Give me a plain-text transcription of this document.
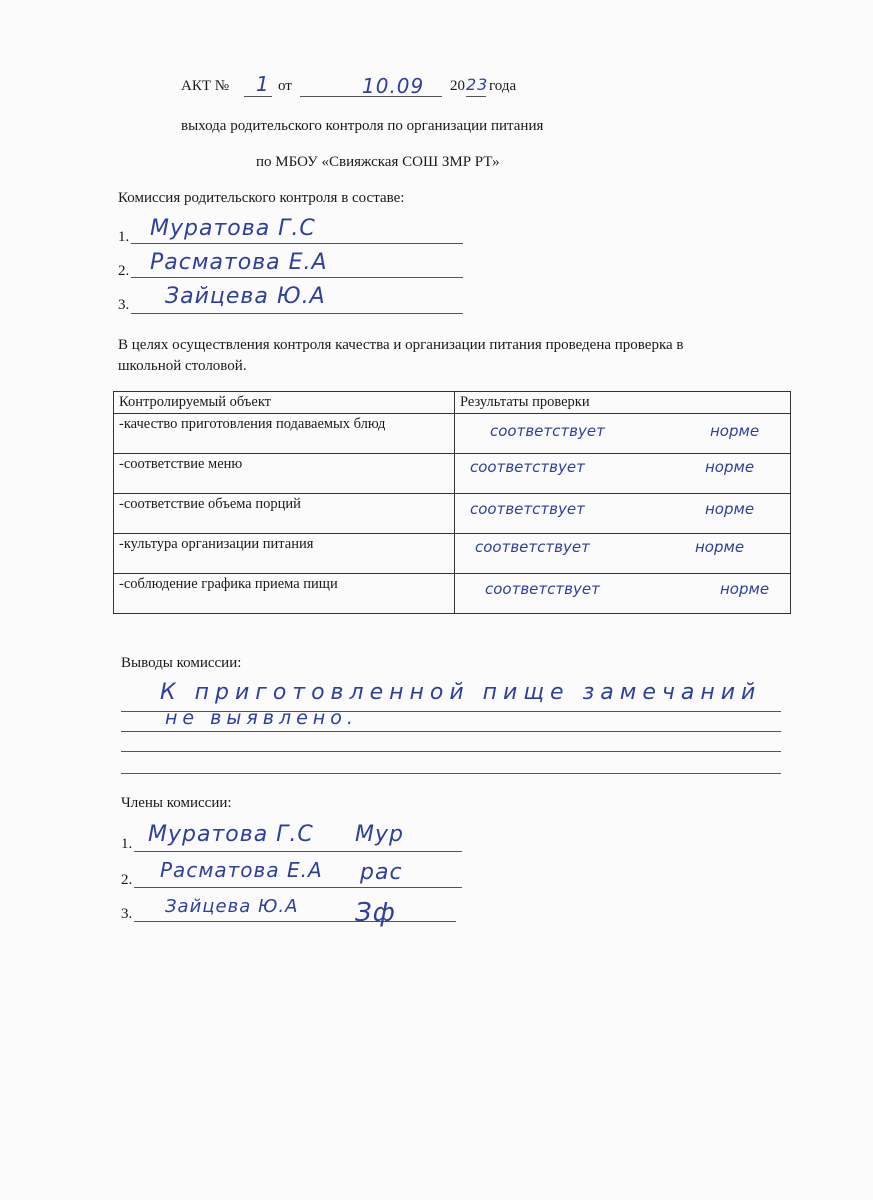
АКТ № 1 от	10.09 20 23 года
выхода родительского контроля по организации питания
по МБОУ «Свияжская СОШ ЗМР РТ»
Комиссия родительского контроля в составе:
1. Муратова Г.С
2. Расматова Е.А
3. Зайцева Ю.А
В целях осуществления контроля качества и организации питания проведена проверка в
школьной столовой.
Контролируемый объект	Результаты проверки
-качество приготовления подаваемых блюд	соответствует норме

-соответствие меню	соответствует норме

-соответствие объема порций	соответствует норме

-культура организации питания	соответствует норме

-соблюдение графика приема пищи	соответствует норме
Выводы комиссии:
К приготовленной пище замечаний
не выявлено.
Члены комиссии:
1. Муратова Г.С Мур
2. Расматова Е.А рас
3. Зайцева Ю.А Зф
